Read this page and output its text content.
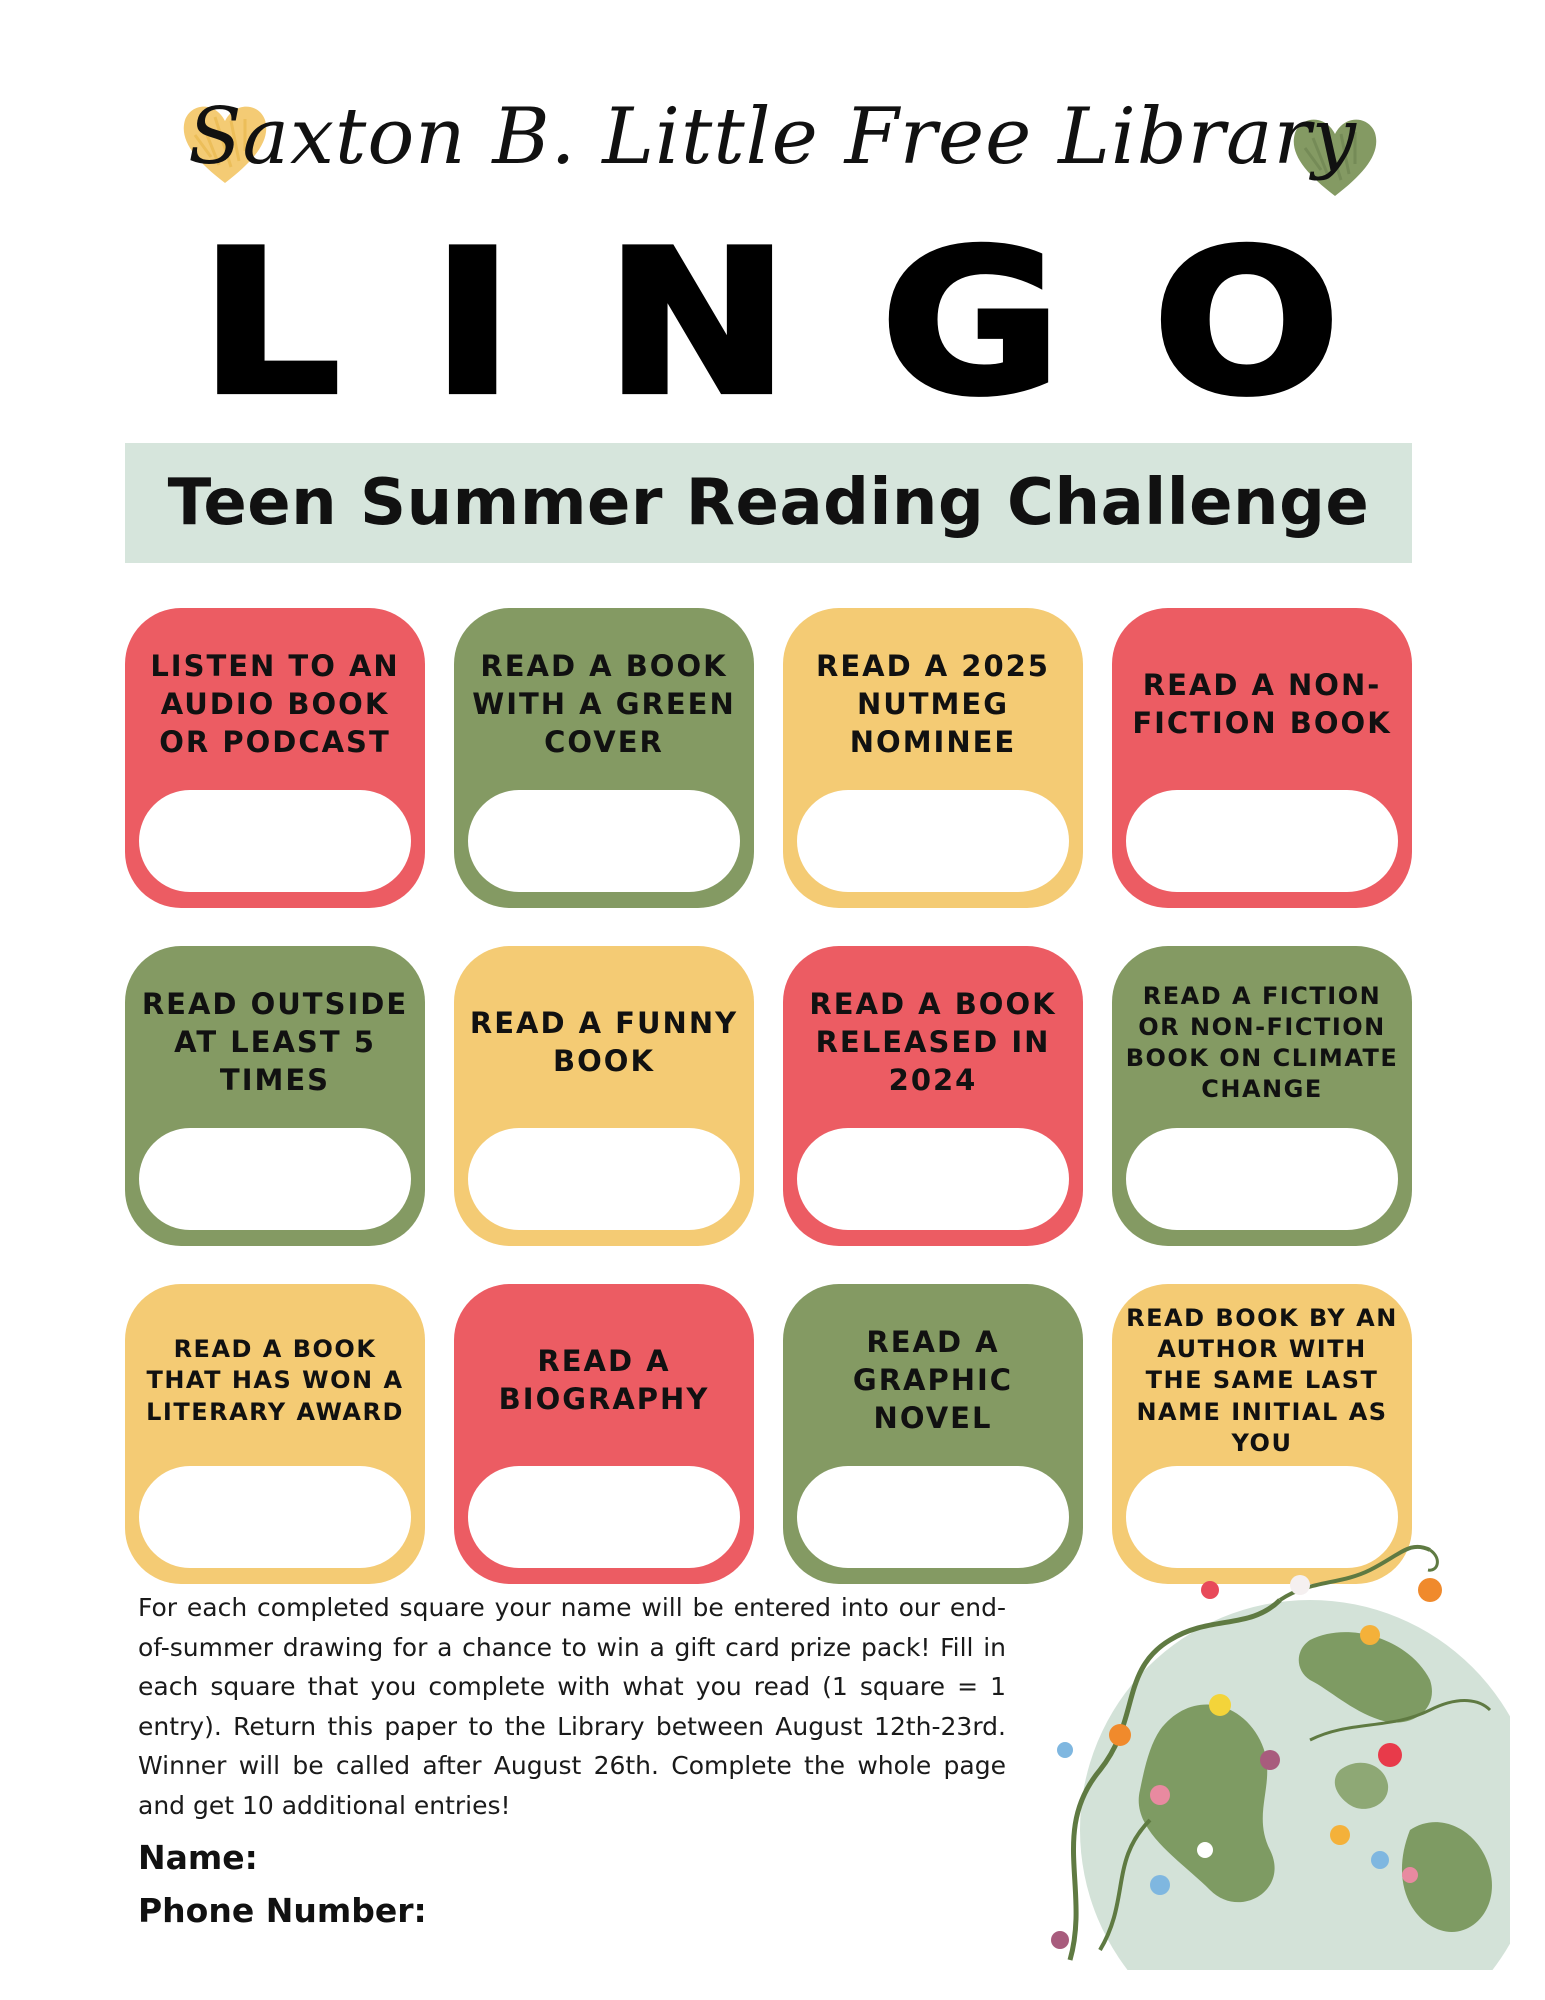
Saxton B. Little Free Library
L I N G O
Teen Summer Reading Challenge
LISTEN TO AN AUDIO BOOK OR PODCAST
READ A BOOK WITH A GREEN COVER
READ A 2025 NUTMEG NOMINEE
READ A NON-FICTION BOOK
READ OUTSIDE AT LEAST 5 TIMES
READ A FUNNY BOOK
READ A BOOK RELEASED IN 2024
READ A FICTION OR NON-FICTION BOOK ON CLIMATE CHANGE
READ A BOOK THAT HAS WON A LITERARY AWARD
READ A BIOGRAPHY
READ A GRAPHIC NOVEL
READ BOOK BY AN AUTHOR WITH THE SAME LAST NAME INITIAL AS YOU

For each completed square your name will be entered into our end-of-summer drawing for a chance to win a gift card prize pack! Fill in each square that you complete with what you read (1 square = 1 entry). Return this paper to the Library between August 12th-23rd. Winner will be called after August 26th. Complete the whole page and get 10 additional entries!

Name:
Phone Number:
